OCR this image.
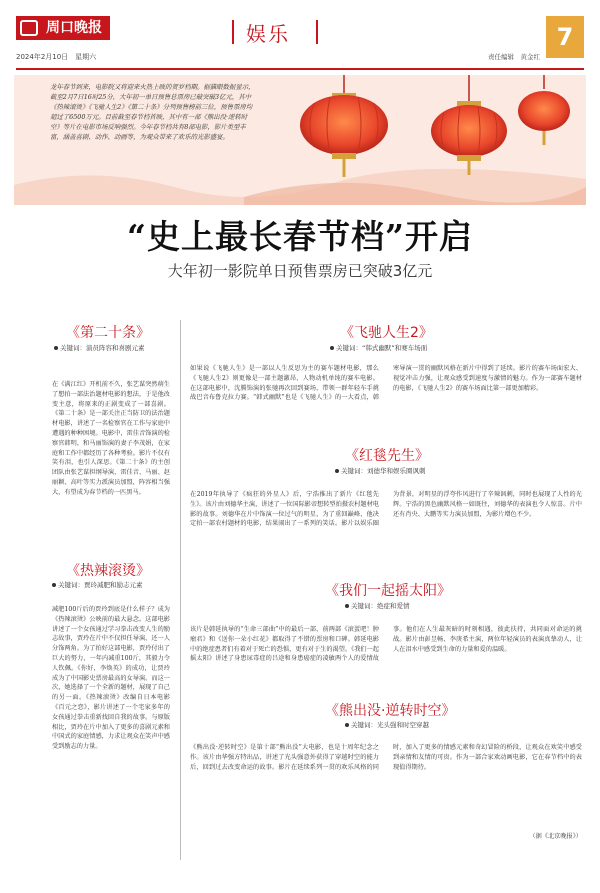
周口晚报
2024年2月10日　星期六
娱乐
责任编辑　黄金红
7
龙年春节到来，电影院又将迎来火热上映的贺岁档期。据猫眼数据显示，截至2月7日16时25分，大年初一单日预售总票房已破突破3亿元，其中《热辣滚烫》《飞驰人生2》《第二十条》分列预售榜前三位，预售票房均超过了6500万元。目前截至春节档首映，其中有一部《熊出没·逆转时空》等片在电影市场反响强烈。今年春节档共有8部电影，影片类型丰富，涵盖喜剧、动作、动画等，为观众带来了欢乐的光影盛宴。
“史上最长春节档”开启
大年初一影院单日预售票房已突破3亿元
《第二十条》
关键词：演员阵容和喜剧元素
在《满江红》开机前不久，张艺谋突然萌生了想拍一部法治题材电影的想法，于是他改变主意，将原来的正剧变成了一部喜剧。《第二十条》是一部关注正当防卫的法治题材电影，讲述了一名检察官在工作与家庭中遭遇的种种困境。电影中，雷佳音饰演的检察官韩明，和马丽饰演的妻子李茂娟，在家庭和工作中都经历了各种考验。影片不仅有笑有泪，也引人深思。《第二十条》的主创团队由张艺谋担纲导演，雷佳音、马丽、赵丽颖、高叶等实力派演员加盟，阵容相当强大，有望成为春节档的一匹黑马。
《热辣滚烫》
关键词：贾玲减肥和励志元素
减肥100斤后的贾玲到底是什么样子？成为《热辣滚烫》公映前的最大悬念。这部电影讲述了一个女孩通过学习拳击改变人生的励志故事，贾玲在片中不仅担任导演，还一人分饰两角。为了拍好这部电影，贾玲付出了巨大的努力，一年内减重100斤，其毅力令人钦佩。《你好，李焕英》的成功，让贾玲成为了中国影史票房最高的女导演。而这一次，她选择了一个全新的题材，展现了自己的另一面。《热辣滚烫》改编自日本电影《百元之恋》，影片讲述了一个宅家多年的女孩通过拳击重新找回自我的故事。与原版相比，贾玲在片中加入了更多的喜剧元素和中国式的家庭情感，力求让观众在笑声中感受到励志的力量。
《飞驰人生2》
关键词：“韩式幽默”和赛车场面
如果说《飞驰人生》是一部以人生反思为主的赛车题材电影，那么《飞驰人生2》则更像是一部主题激昂、人物动机单纯的赛车电影。在这部电影中，沈腾饰演的张驰再次回到赛场，带领一群年轻车手挑战巴音布鲁克拉力赛。“韩式幽默”也是《飞驰人生》的一大看点，韩寒导演一贯的幽默风格在新片中得到了延续。影片的赛车场面宏大、视觉冲击力强，让观众感受到速度与激情的魅力。作为一部赛车题材的电影，《飞驰人生2》的赛车场面比第一部更加精彩。
《红毯先生》
关键词：刘德华和娱乐圈讽刺
在2019年执导了《疯狂的外星人》后，宁浩推出了新片《红毯先生》。该片由刘德华主演，讲述了一位国际影帝想转型拍摄农村题材电影的故事。刘德华在片中饰演一位过气的明星，为了重回巅峰，他决定拍一部农村题材的电影，结果闹出了一系列的笑话。影片以娱乐圈为背景，对明星的浮夸作风进行了辛辣讽刺，同时也展现了人性的光辉。宁浩的黑色幽默风格一如既往，刘德华的表演也令人惊喜。片中还有肖央、大鹏等实力演员加盟，为影片增色不少。
《我们一起摇太阳》
关键词：绝症和爱情
该片是韩延执导的“生命三部曲”中的最后一部，前两部《滚蛋吧！肿瘤君》和《送你一朵小红花》都取得了不错的票房和口碑。韩延电影中的绝症患者们有着对于死亡的恐惧，更有对于生的渴望。《我们一起摇太阳》讲述了身患尿毒症的吕途和身患癌症的凌敏两个人的爱情故事。他们在人生最灰暗的时刻相遇，彼此扶持，共同面对命运的挑战。影片由彭昱畅、李庚希主演，两位年轻演员的表演真挚动人，让人在泪水中感受到生命的力量和爱的温暖。
《熊出没·逆转时空》
关键词：光头强和时空穿越
《熊出没·逆转时空》是第十部“熊出没”大电影，也是十周年纪念之作。该片由华强方特出品，讲述了光头强意外获得了穿越时空的能力后，回到过去改变命运的故事。影片在延续系列一贯的欢乐风格的同时，加入了更多的情感元素和奇幻冒险的桥段，让观众在欢笑中感受到亲情和友情的可贵。作为一部合家欢动画电影，它在春节档中的表现值得期待。
（据《北京晚报》）
